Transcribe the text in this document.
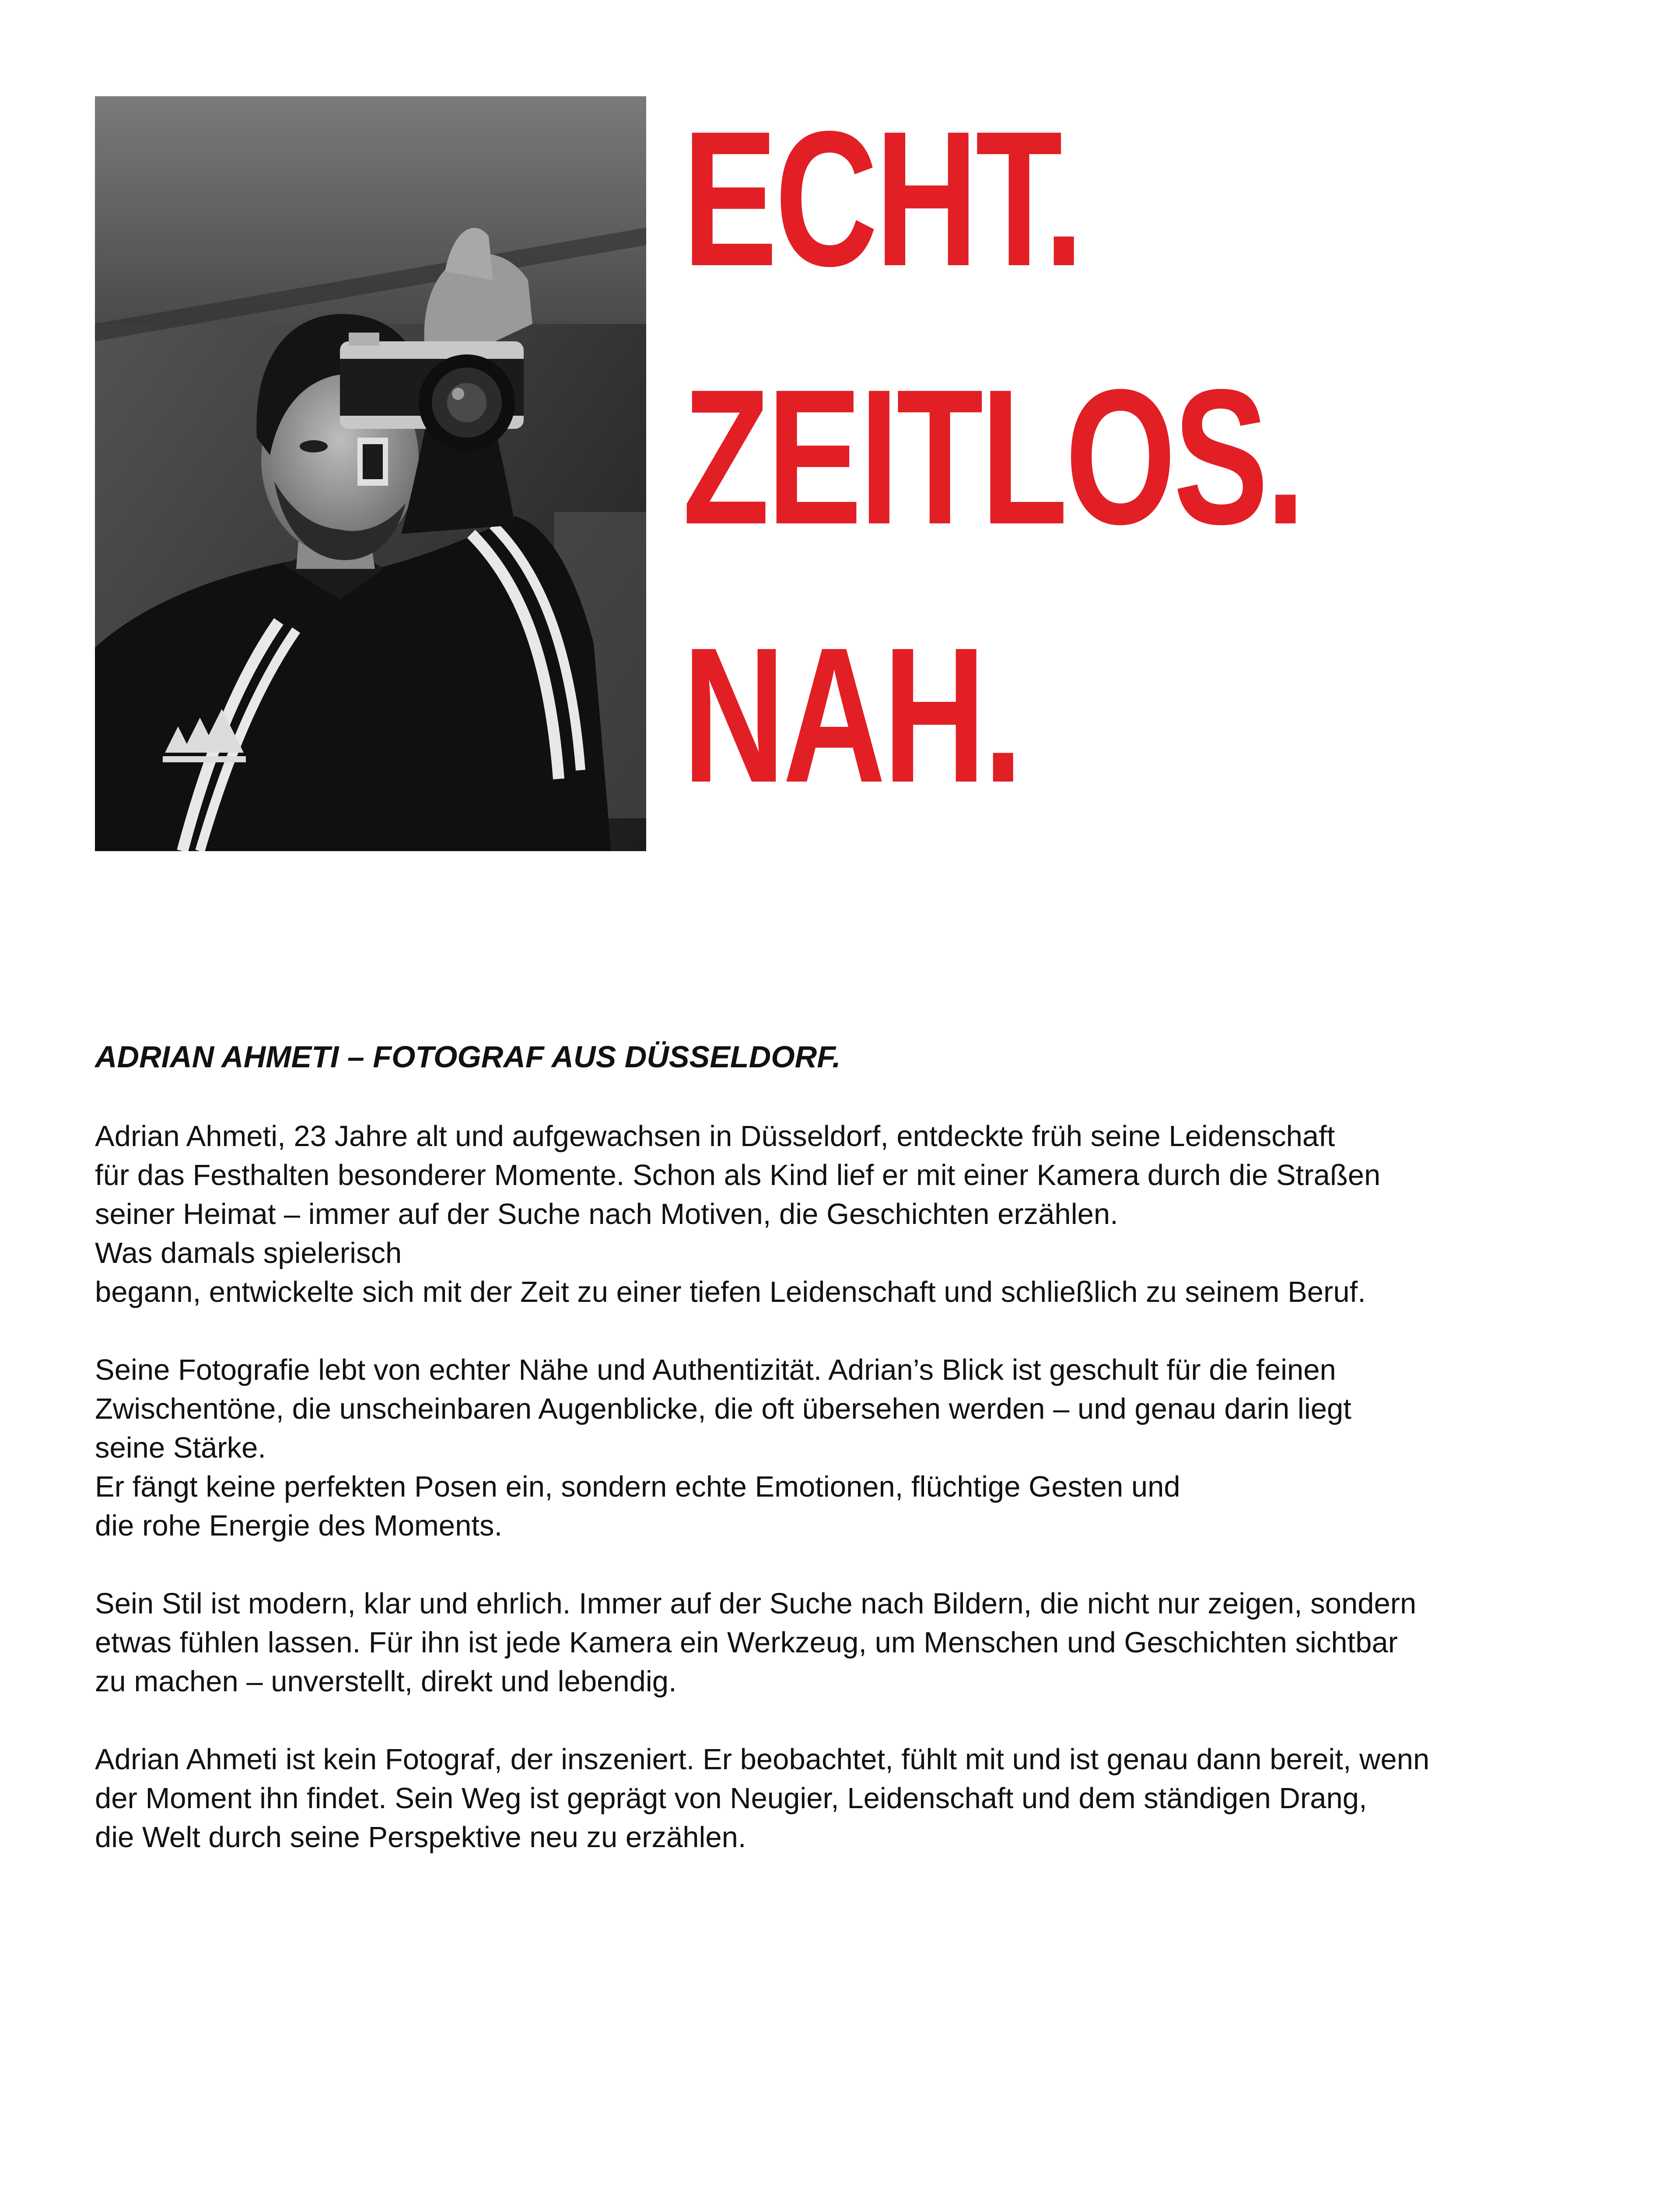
ECHT.
ZEITLOS.
NAH.
ADRIAN AHMETI – FOTOGRAF AUS DÜSSELDORF.

Adrian Ahmeti, 23 Jahre alt und aufgewachsen in Düsseldorf, entdeckte früh seine Leidenschaft
für das Festhalten besonderer Momente. Schon als Kind lief er mit einer Kamera durch die Straßen
seiner Heimat – immer auf der Suche nach Motiven, die Geschichten erzählen.
Was damals spielerisch
begann, entwickelte sich mit der Zeit zu einer tiefen Leidenschaft und schließlich zu seinem Beruf.

Seine Fotografie lebt von echter Nähe und Authentizität. Adrian’s Blick ist geschult für die feinen
Zwischentöne, die unscheinbaren Augenblicke, die oft übersehen werden – und genau darin liegt
seine Stärke.
Er fängt keine perfekten Posen ein, sondern echte Emotionen, flüchtige Gesten und
die rohe Energie des Moments.

Sein Stil ist modern, klar und ehrlich. Immer auf der Suche nach Bildern, die nicht nur zeigen, sondern
etwas fühlen lassen. Für ihn ist jede Kamera ein Werkzeug, um Menschen und Geschichten sichtbar
zu machen – unverstellt, direkt und lebendig.

Adrian Ahmeti ist kein Fotograf, der inszeniert. Er beobachtet, fühlt mit und ist genau dann bereit, wenn
der Moment ihn findet. Sein Weg ist geprägt von Neugier, Leidenschaft und dem ständigen Drang,
die Welt durch seine Perspektive neu zu erzählen.
